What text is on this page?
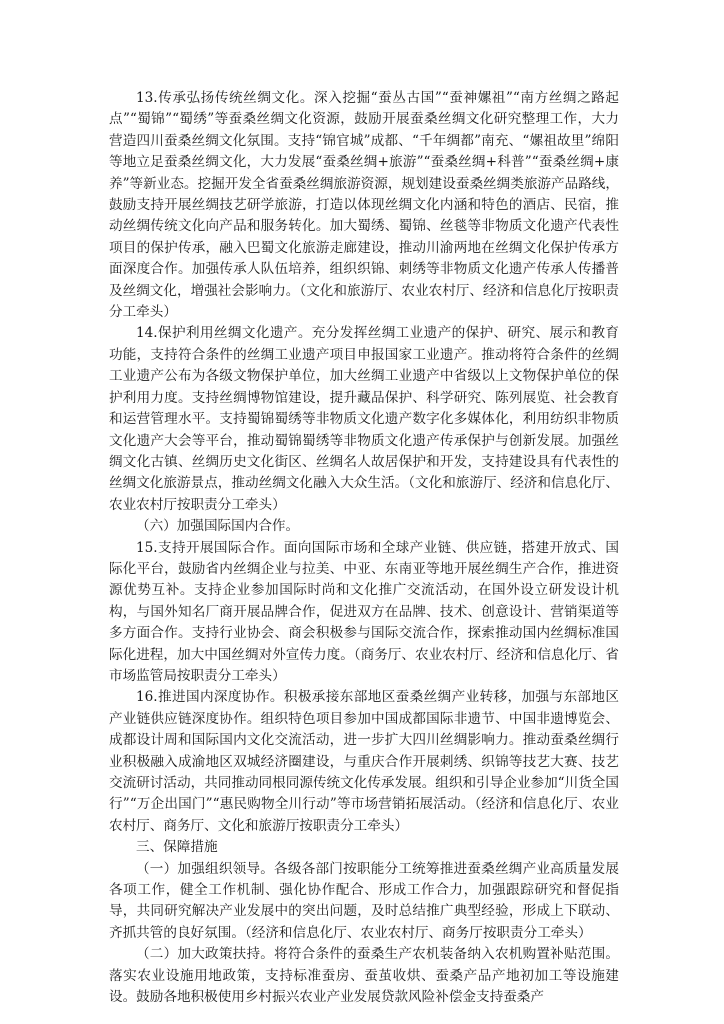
13.传承弘扬传统丝绸文化。深入挖掘“蚕丛古国”“蚕神嫘祖”“南方丝绸之路起点”“蜀锦”“蜀绣”等蚕桑丝绸文化资源，鼓励开展蚕桑丝绸文化研究整理工作，大力营造四川蚕桑丝绸文化氛围。支持“锦官城”成都、“千年绸都”南充、“嫘祖故里”绵阳等地立足蚕桑丝绸文化，大力发展“蚕桑丝绸+旅游”“蚕桑丝绸+科普”“蚕桑丝绸+康养”等新业态。挖掘开发全省蚕桑丝绸旅游资源，规划建设蚕桑丝绸类旅游产品路线，鼓励支持开展丝绸技艺研学旅游，打造以体现丝绸文化内涵和特色的酒店、民宿，推动丝绸传统文化向产品和服务转化。加大蜀绣、蜀锦、丝毯等非物质文化遗产代表性项目的保护传承，融入巴蜀文化旅游走廊建设，推动川渝两地在丝绸文化保护传承方面深度合作。加强传承人队伍培养，组织织锦、刺绣等非物质文化遗产传承人传播普及丝绸文化，增强社会影响力。（文化和旅游厅、农业农村厅、经济和信息化厅按职责分工牵头）

14.保护利用丝绸文化遗产。充分发挥丝绸工业遗产的保护、研究、展示和教育功能，支持符合条件的丝绸工业遗产项目申报国家工业遗产。推动将符合条件的丝绸工业遗产公布为各级文物保护单位，加大丝绸工业遗产中省级以上文物保护单位的保护利用力度。支持丝绸博物馆建设，提升藏品保护、科学研究、陈列展览、社会教育和运营管理水平。支持蜀锦蜀绣等非物质文化遗产数字化多媒体化，利用纺织非物质文化遗产大会等平台，推动蜀锦蜀绣等非物质文化遗产传承保护与创新发展。加强丝绸文化古镇、丝绸历史文化街区、丝绸名人故居保护和开发，支持建设具有代表性的丝绸文化旅游景点，推动丝绸文化融入大众生活。（文化和旅游厅、经济和信息化厅、农业农村厅按职责分工牵头）

（六）加强国际国内合作。

15.支持开展国际合作。面向国际市场和全球产业链、供应链，搭建开放式、国际化平台，鼓励省内丝绸企业与拉美、中亚、东南亚等地开展丝绸生产合作，推进资源优势互补。支持企业参加国际时尚和文化推广交流活动，在国外设立研发设计机构，与国外知名厂商开展品牌合作，促进双方在品牌、技术、创意设计、营销渠道等多方面合作。支持行业协会、商会积极参与国际交流合作，探索推动国内丝绸标准国际化进程，加大中国丝绸对外宣传力度。（商务厅、农业农村厅、经济和信息化厅、省市场监管局按职责分工牵头）

16.推进国内深度协作。积极承接东部地区蚕桑丝绸产业转移，加强与东部地区产业链供应链深度协作。组织特色项目参加中国成都国际非遗节、中国非遗博览会、成都设计周和国际国内文化交流活动，进一步扩大四川丝绸影响力。推动蚕桑丝绸行业积极融入成渝地区双城经济圈建设，与重庆合作开展刺绣、织锦等技艺大赛、技艺交流研讨活动，共同推动同根同源传统文化传承发展。组织和引导企业参加“川货全国行”“万企出国门”“惠民购物全川行动”等市场营销拓展活动。（经济和信息化厅、农业农村厅、商务厅、文化和旅游厅按职责分工牵头）

三、保障措施

（一）加强组织领导。各级各部门按职能分工统筹推进蚕桑丝绸产业高质量发展各项工作，健全工作机制、强化协作配合、形成工作合力，加强跟踪研究和督促指导，共同研究解决产业发展中的突出问题，及时总结推广典型经验，形成上下联动、齐抓共管的良好氛围。（经济和信息化厅、农业农村厅、商务厅按职责分工牵头）

（二）加大政策扶持。将符合条件的蚕桑生产农机装备纳入农机购置补贴范围。落实农业设施用地政策，支持标准蚕房、蚕茧收烘、蚕桑产品产地初加工等设施建设。鼓励各地积极使用乡村振兴农业产业发展贷款风险补偿金支持蚕桑产
